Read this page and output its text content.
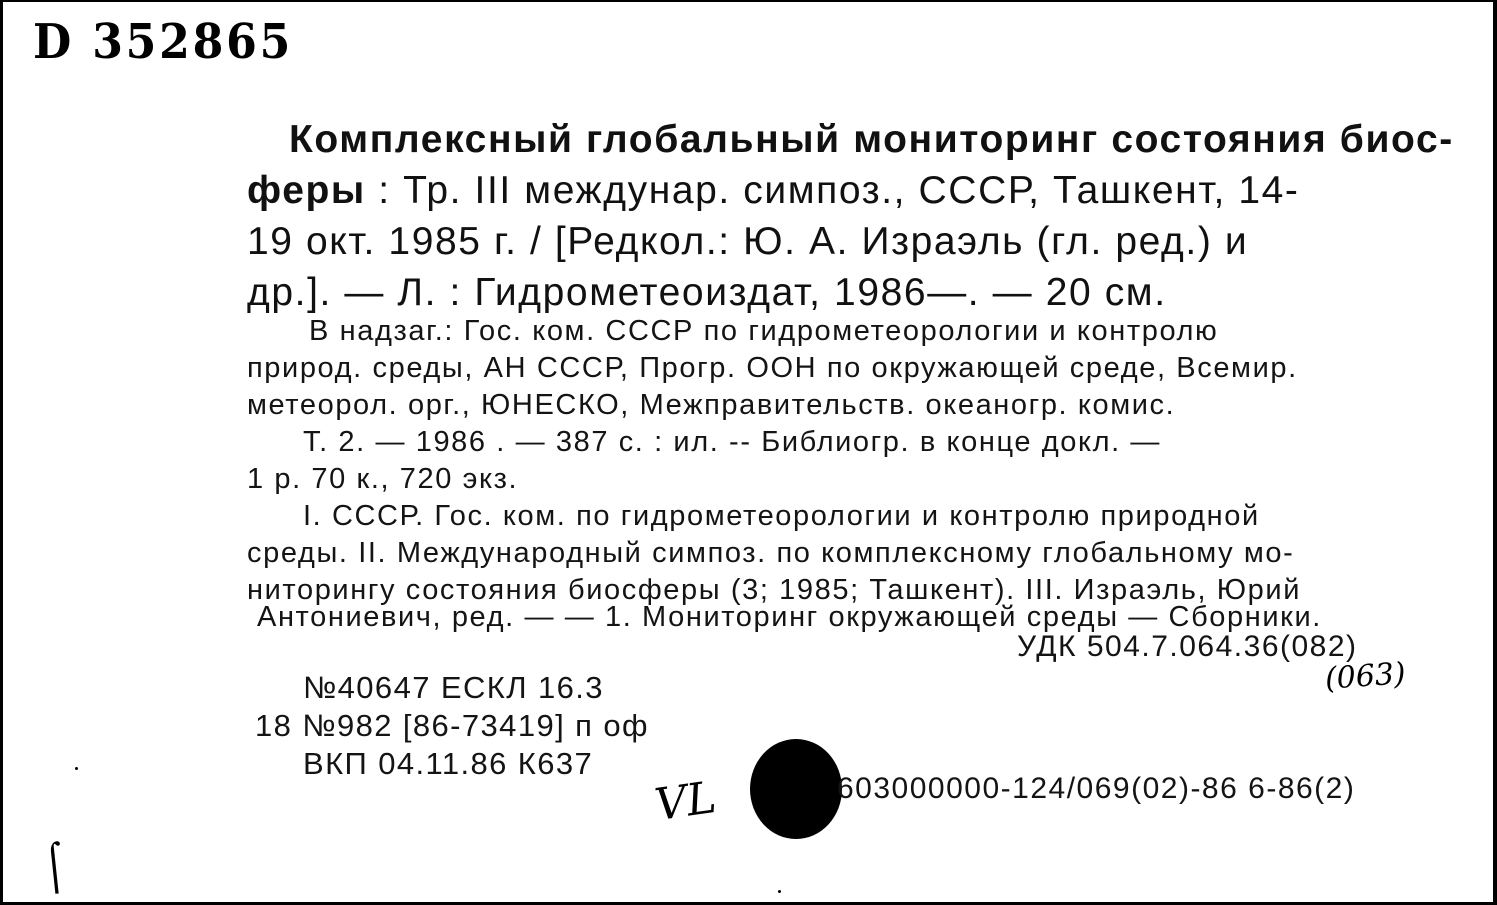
D 352865
Комплексный глобальный мониторинг состояния биос-
феры : Тр. III междунар. симпоз., СССР, Ташкент, 14-
19 окт. 1985 г. / [Редкол.: Ю. А. Израэль (гл. ред.) и
др.]. — Л. : Гидрометеоиздат, 1986—. — 20 см.
В надзаг.: Гос. ком. СССР по гидрометеорологии и контролю
природ. среды, АН СССР, Прогр. ООН по окружающей среде, Всемир.
метеорол. орг., ЮНЕСКО, Межправительств. океаногр. комис.
Т. 2. — 1986 . — 387 с. : ил. -- Библиогр. в конце докл. —
1 р. 70 к., 720 экз.
I. СССР. Гос. ком. по гидрометеорологии и контролю природной
среды. II. Международный симпоз. по комплексному глобальному мо-
ниторингу состояния биосферы (3; 1985; Ташкент). III. Израэль, Юрий
Антониевич, ред. — — 1. Мониторинг окружающей среды — Сборники.
УДК 504.7.064.36(082)
(063)
№40647 ЕСКЛ 16.3
18 №982 [86-73419] п оф
ВКП 04.11.86 К637
VL	603000000-124/069(02)-86 6-86(2)
⌠
